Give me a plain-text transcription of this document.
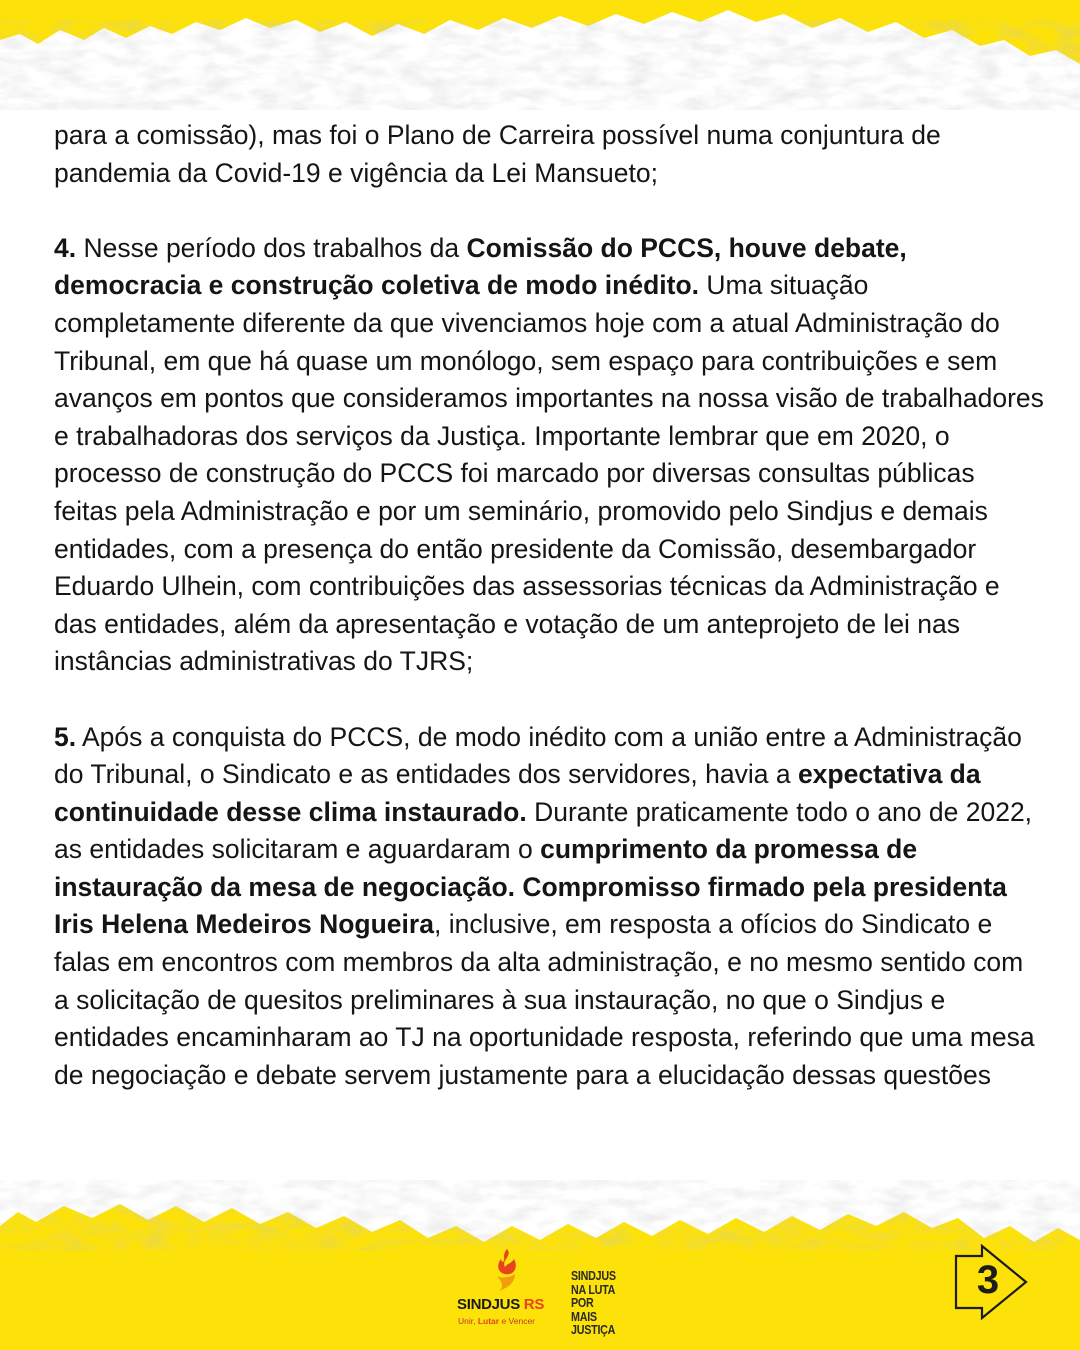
para a comissão), mas foi o Plano de Carreira possível numa conjuntura de pandemia da Covid-19 e vigência da Lei Mansueto;

4. Nesse período dos trabalhos da Comissão do PCCS, houve debate, democracia e construção coletiva de modo inédito. Uma situação completamente diferente da que vivenciamos hoje com a atual Administração do Tribunal, em que há quase um monólogo, sem espaço para contribuições e sem avanços em pontos que consideramos importantes na nossa visão de trabalhadores e trabalhadoras dos serviços da Justiça. Importante lembrar que em 2020, o processo de construção do PCCS foi marcado por diversas consultas públicas feitas pela Administração e por um seminário, promovido pelo Sindjus e demais entidades, com a presença do então presidente da Comissão, desembargador Eduardo Ulhein, com contribuições das assessorias técnicas da Administração e das entidades, além da apresentação e votação de um anteprojeto de lei nas instâncias administrativas do TJRS;

5. Após a conquista do PCCS, de modo inédito com a união entre a Administração do Tribunal, o Sindicato e as entidades dos servidores, havia a expectativa da continuidade desse clima instaurado. Durante praticamente todo o ano de 2022, as entidades solicitaram e aguardaram o cumprimento da promessa de instauração da mesa de negociação. Compromisso firmado pela presidenta Iris Helena Medeiros Nogueira, inclusive, em resposta a ofícios do Sindicato e falas em encontros com membros da alta administração, e no mesmo sentido com a solicitação de quesitos preliminares à sua instauração, no que o Sindjus e entidades encaminharam ao TJ na oportunidade resposta, referindo que uma mesa de negociação e debate servem justamente para a elucidação dessas questões

SINDJUS RS
Unir, Lutar e Vencer
SINDJUS
NA LUTA
POR MAIS
JUSTIÇA
3
